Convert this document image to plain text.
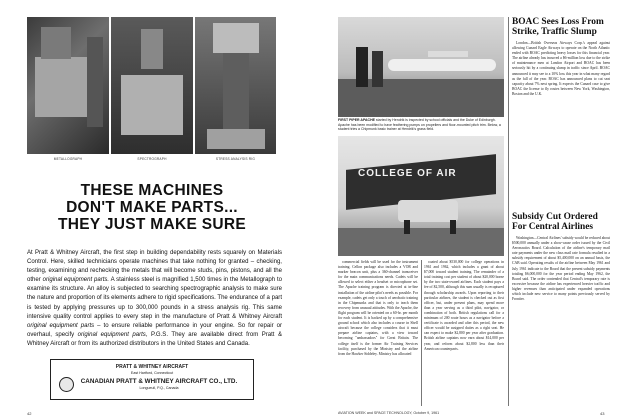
METALLOGRAPH	SPECTROGRAPH	STRESS ANALYSIS RIG
THESE MACHINES
DON'T MAKE PARTS...
THEY JUST MAKE SURE
At Pratt & Whitney Aircraft, the first step in building dependability rests squarely on Materials Control. Here, skilled technicians operate machines that take nothing for granted – checking, testing, examining and rechecking the metals that will become studs, pins, pistons, and all the other original equipment parts. A stainless steel is magnified 1,500 times in the Metallograph to examine its structure. An alloy is subjected to searching spectrographic analysis to make sure the nature and proportion of its elements adhere to rigid specifications. The endurance of a part is tested by applying pressures up to 300,000 pounds in a stress analysis rig. This same intensive quality control applies to every step in the manufacture of Pratt & Whitney Aircraft original equipment parts – to ensure reliable performance in your engine. So for repair or overhaul, specify original equipment parts, P.G.S. They are available direct from Pratt & Whitney Aircraft or from its authorized distributors in the United States and Canada.
PRATT & WHITNEY AIRCRAFT
East Hartford, Connecticut
CANADIAN PRATT & WHITNEY AIRCRAFT CO., LTD.
Longueuil, P.Q., Canada
42
FIRST PIPER APACHE started by Hendrik is inspected by school officials and the Duke of Edinburgh. Apache has been modified to have feathering pumps on propellers and floor-mounted pitch trim. Below, a student tries a Chipmunk basic trainer at Hendrik's grass field.
COLLEGE OF AIR

commercial fields will be used for the instrument training. Cellon package also includes a VOR and marker beacon unit, plus a 360-channel transceiver for the main communications needs. Cadets will be allowed to select either a headset or microphone set. The Apache training program is directed at in-line installation of the airline pilot's needs as possible. For example, cadets get only a touch of aerobatic training in the Chipmunks and that is only to teach them recovery from unusual attitudes. With the Apache, the flight program will be oriented on a 60-hr. per month for each student. It is backed up by a comprehensive ground school which also includes a course in Shell aircraft because the college considers that it must prepare airline captains, with a view toward becoming "ambassadors" for Great Britain. The college itself is the former Air Training Services facility, purchased by the Ministry and the airline from the Hawker Siddeley. Ministry has allocated

coated about $530,000 for college operations in 1961 and 1962, which includes a grant of about $7,000 toward student training. The remainder of a total training cost per student of about $20,000 borne by the two state-owned airlines. Each student pays a fee of $2,500, although this sum usually is recaptured through scholarship awards. Upon reporting to their particular airlines, the student is checked out as first officer, but, under present plans, may spend more than a year serving as a third pilot, navigator, or combination of both. British regulations call for a minimum of 200 route hours as a navigator before a certificate is awarded and after this period, the new officer would be assigned duties as a right seat. He can expect to make $2,800 per year after graduation. British airline captains now earn about $14,000 per year, and reform about $2,800 less than their American counterparts.

BOAC Sees Loss From Strike, Traffic Slump

London—British Overseas Airways Corp.'s appeal against allowing Cunard Eagle Airways to operate on the North Atlantic ended with BOAC predicting heavy losses for this financial year. The airline already has incurred a $6-million loss due to the strike of maintenance men at London Airport and BOAC has been seriously hit by a continuing slump in traffic since April. BOAC announced it may see to a 10% loss this year in what many regard as the fall of the year. BOAC has announced plans to cut seat capacity about 7% next spring. It expects the Cunard case to give BOAC the license to fly routes between New York, Washington, Boston and the U.K.

Subsidy Cut Ordered For Central Airlines

Washington—Central Airlines' subsidy would be reduced about $500,000 annually under a show-cause order issued by the Civil Aeronautics Board. Calculation of the airline's temporary mail rate payments under the new class mail rate formula resulted in a subsidy requirement of about $5,400,000 on an annual basis, the CAB said. Operating results of the airline between May 1961 and July 1961 indicate to the Board that the present subsidy payments totaling $6,000,000 for the year period ending May 1962, the Board said. The order contended that Central's temporary rate is excessive because the airline has experienced heavier traffic and higher revenues than anticipated under expanded operations which include new service to many points previously served by Frontier.

AVIATION WEEK and SPACE TECHNOLOGY, October 9, 1961	43
